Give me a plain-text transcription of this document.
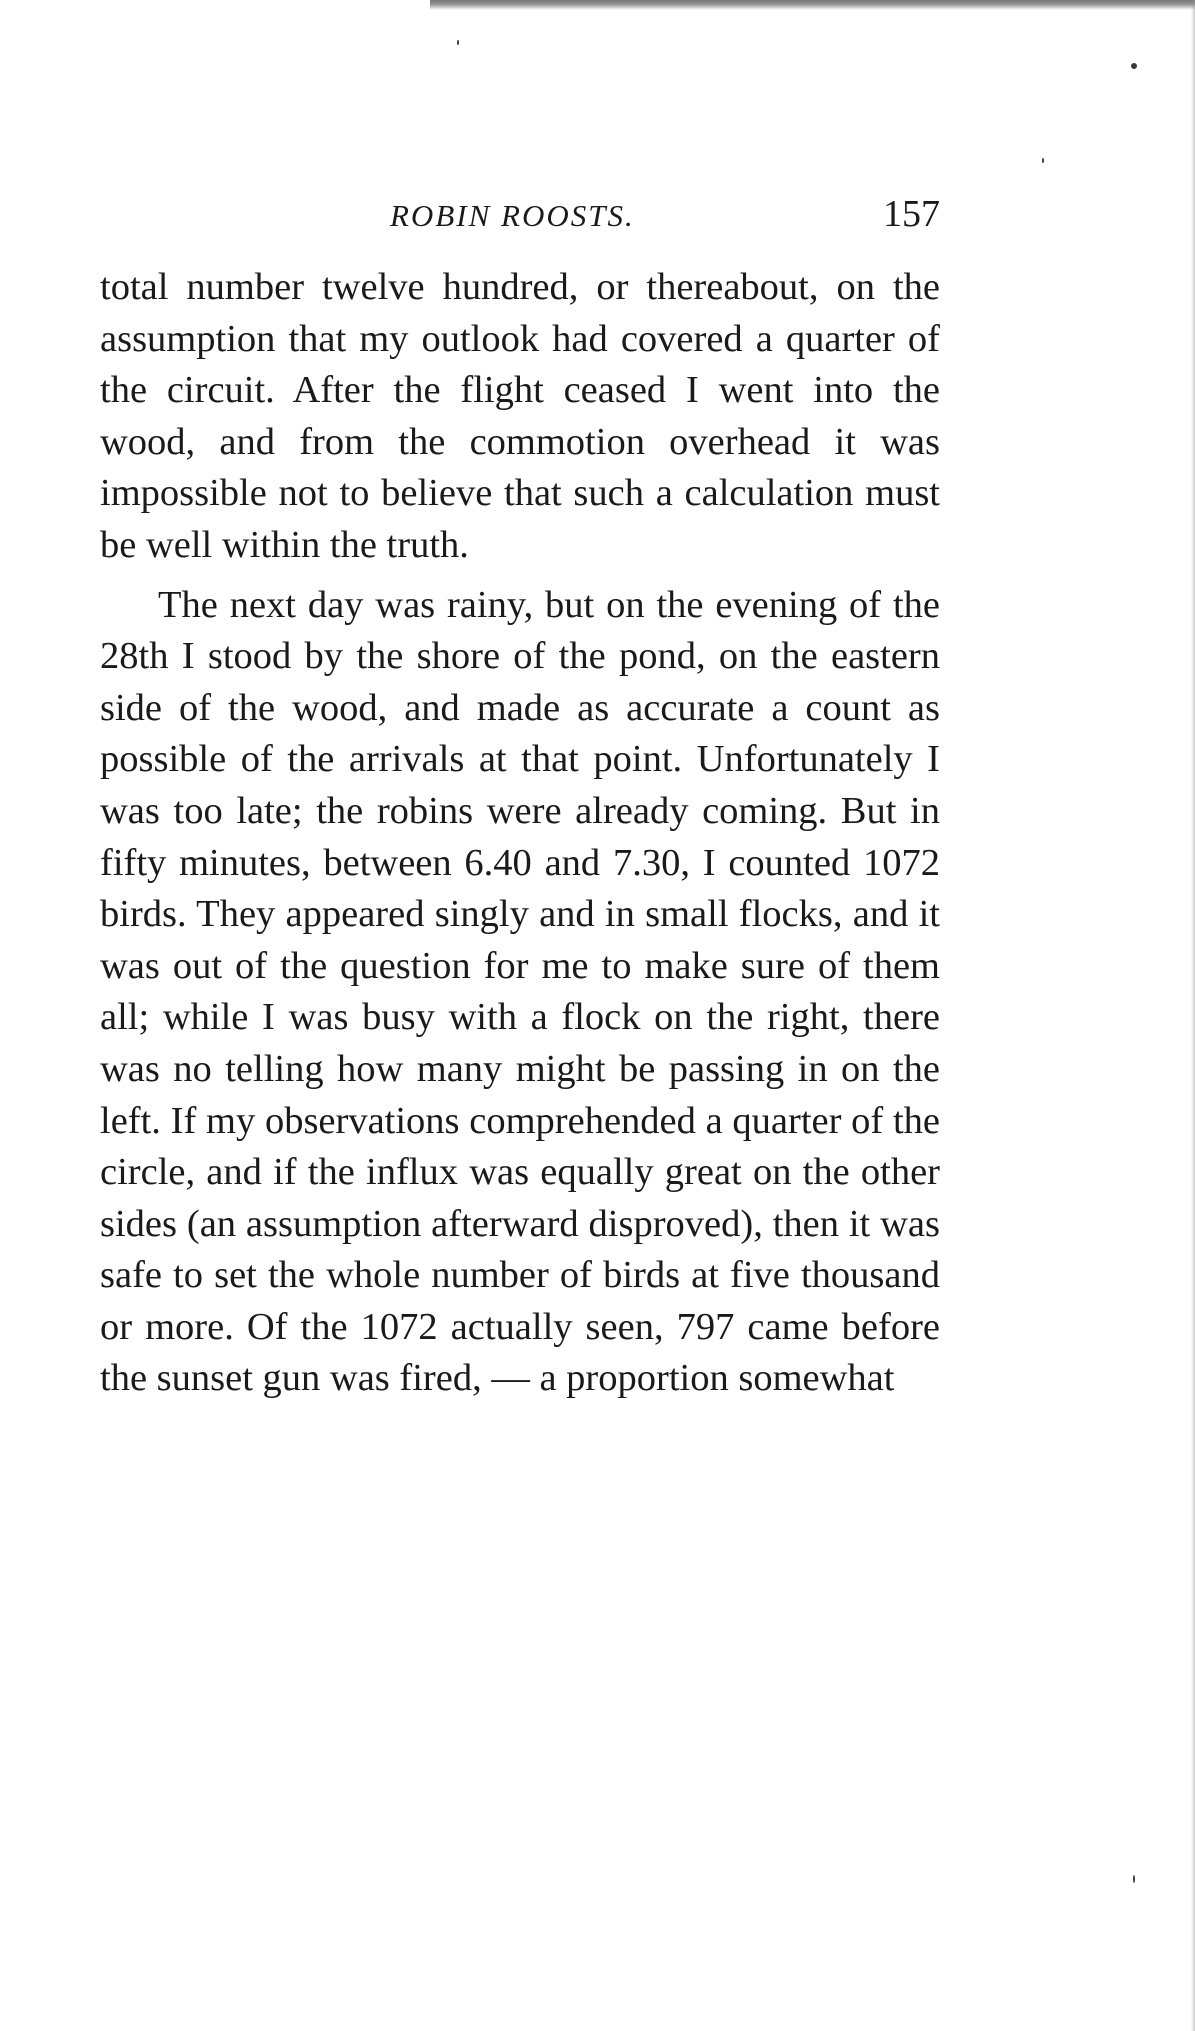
ROBIN ROOSTS.	157

total number twelve hundred, or thereabout, on the assumption that my outlook had covered a quarter of the circuit. After the flight ceased I went into the wood, and from the commotion overhead it was impossible not to believe that such a calculation must be well within the truth.

The next day was rainy, but on the evening of the 28th I stood by the shore of the pond, on the eastern side of the wood, and made as accurate a count as possible of the arrivals at that point. Unfortunately I was too late; the robins were already coming. But in fifty minutes, between 6.40 and 7.30, I counted 1072 birds. They appeared singly and in small flocks, and it was out of the question for me to make sure of them all; while I was busy with a flock on the right, there was no telling how many might be passing in on the left. If my observations comprehended a quarter of the circle, and if the influx was equally great on the other sides (an assumption afterward disproved), then it was safe to set the whole number of birds at five thousand or more. Of the 1072 actually seen, 797 came before the sunset gun was fired, — a proportion somewhat
